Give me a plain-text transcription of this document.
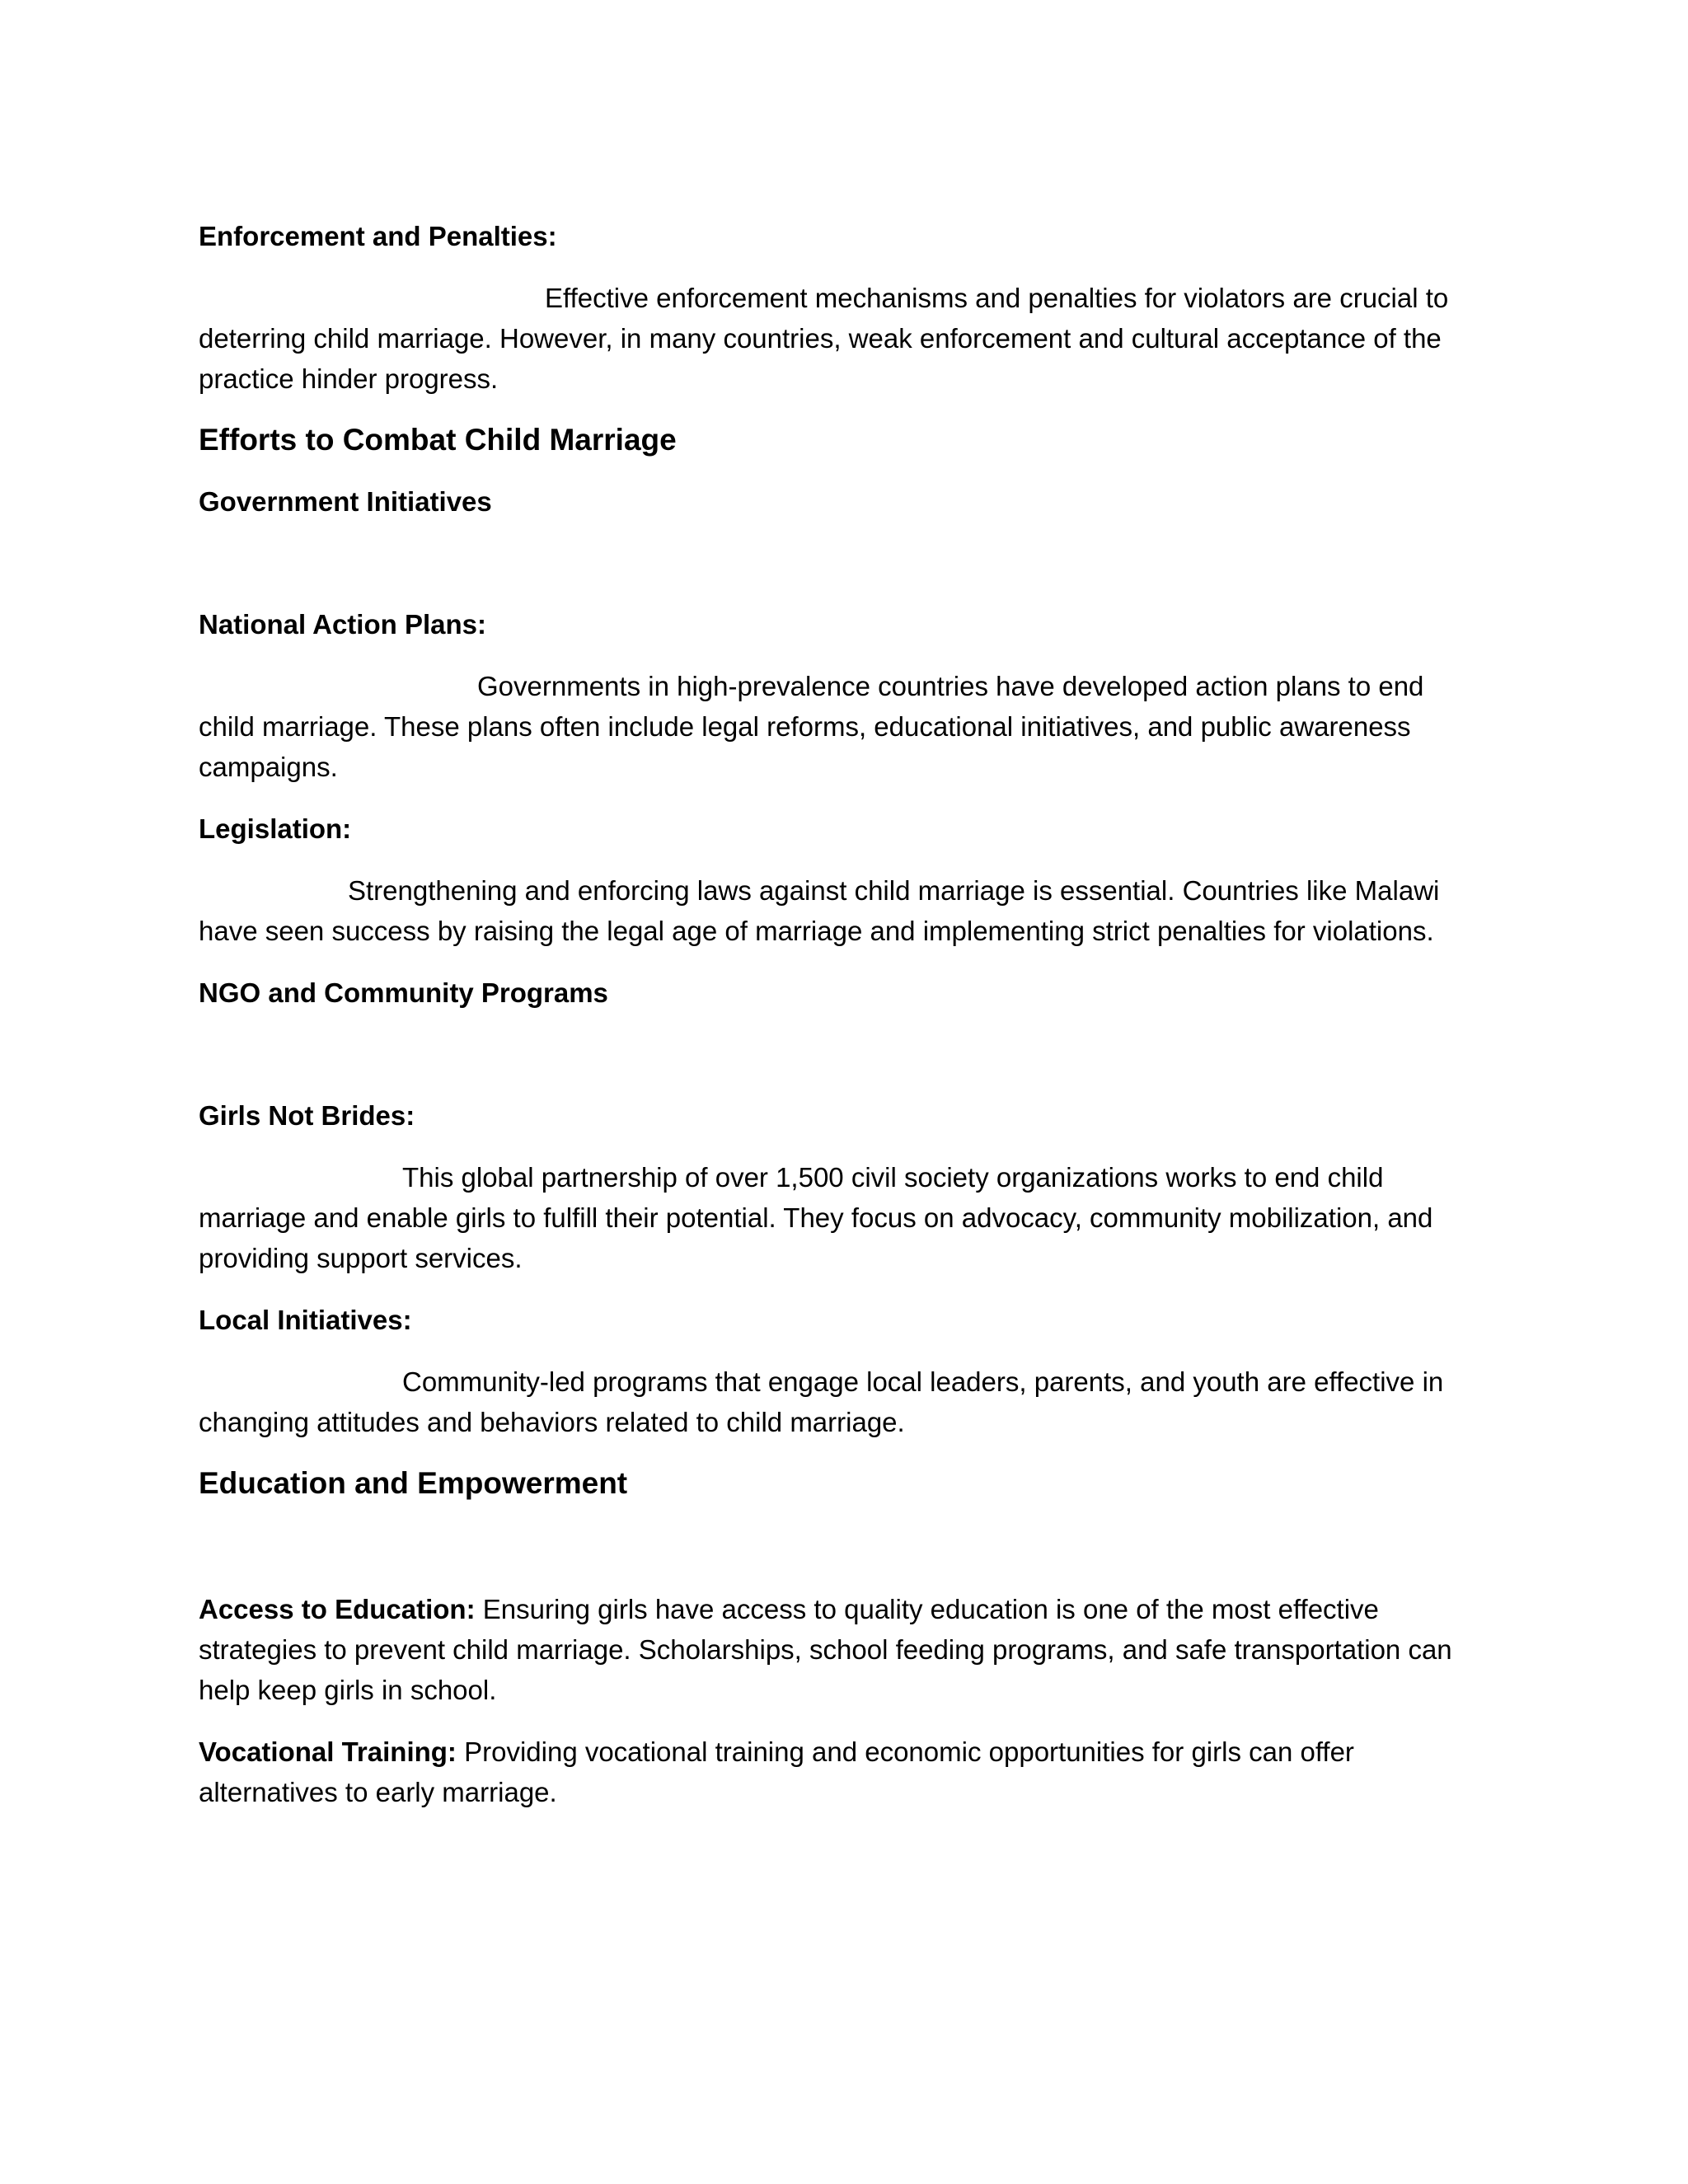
Enforcement and Penalties:

Effective enforcement mechanisms and penalties for violators are crucial to deterring child marriage. However, in many countries, weak enforcement and cultural acceptance of the practice hinder progress.

Efforts to Combat Child Marriage

Government Initiatives

National Action Plans:

Governments in high-prevalence countries have developed action plans to end child marriage. These plans often include legal reforms, educational initiatives, and public awareness campaigns.

Legislation:

Strengthening and enforcing laws against child marriage is essential. Countries like Malawi have seen success by raising the legal age of marriage and implementing strict penalties for violations.

NGO and Community Programs

Girls Not Brides:

This global partnership of over 1,500 civil society organizations works to end child marriage and enable girls to fulfill their potential. They focus on advocacy, community mobilization, and providing support services.

Local Initiatives:

Community-led programs that engage local leaders, parents, and youth are effective in changing attitudes and behaviors related to child marriage.

Education and Empowerment

Access to Education: Ensuring girls have access to quality education is one of the most effective strategies to prevent child marriage. Scholarships, school feeding programs, and safe transportation can help keep girls in school.

Vocational Training: Providing vocational training and economic opportunities for girls can offer alternatives to early marriage.
